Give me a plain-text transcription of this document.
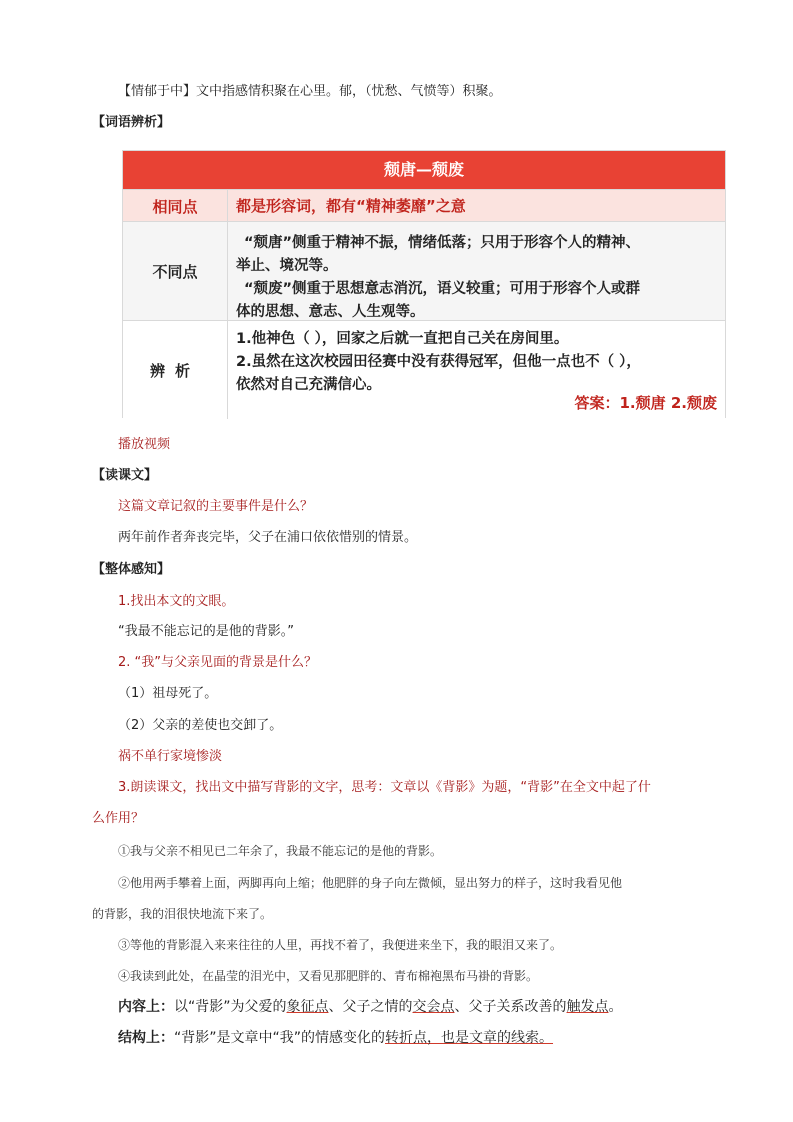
【情郁于中】文中指感情积聚在心里。郁，（忧愁、气愤等）积聚。
【词语辨析】
颓唐—颓废
相同点	都是形容词，都有“精神萎靡”之意
不同点
“颓唐”侧重于精神不振，情绪低落；只用于形容个人的精神、
举止、境况等。
“颓废”侧重于思想意志消沉，语义较重；可用于形容个人或群
体的思想、意志、人生观等。
辨析
1.他神色（ ），回家之后就一直把自己关在房间里。
2.虽然在这次校园田径赛中没有获得冠军，但他一点也不（ ），
依然对自己充满信心。
答案：1.颓唐 2.颓废
播放视频
【读课文】
这篇文章记叙的主要事件是什么？
两年前作者奔丧完毕，父子在浦口依依惜别的情景。
【整体感知】
1.找出本文的文眼。
“我最不能忘记的是他的背影。”
2. “我”与父亲见面的背景是什么？
（1）祖母死了。
（2）父亲的差使也交卸了。
祸不单行家境惨淡
3.朗读课文，找出文中描写背影的文字，思考：文章以《背影》为题，“背影”在全文中起了什
么作用？
①我与父亲不相见已二年余了，我最不能忘记的是他的背影。
②他用两手攀着上面，两脚再向上缩；他肥胖的身子向左微倾，显出努力的样子，这时我看见他
的背影，我的泪很快地流下来了。
③等他的背影混入来来往往的人里，再找不着了，我便进来坐下，我的眼泪又来了。
④我读到此处，在晶莹的泪光中，又看见那肥胖的、青布棉袍黑布马褂的背影。
内容上：以“背影”为父爱的象征点、父子之情的交会点、父子关系改善的触发点。
结构上：“背影”是文章中“我”的情感变化的转折点，也是文章的线索。
